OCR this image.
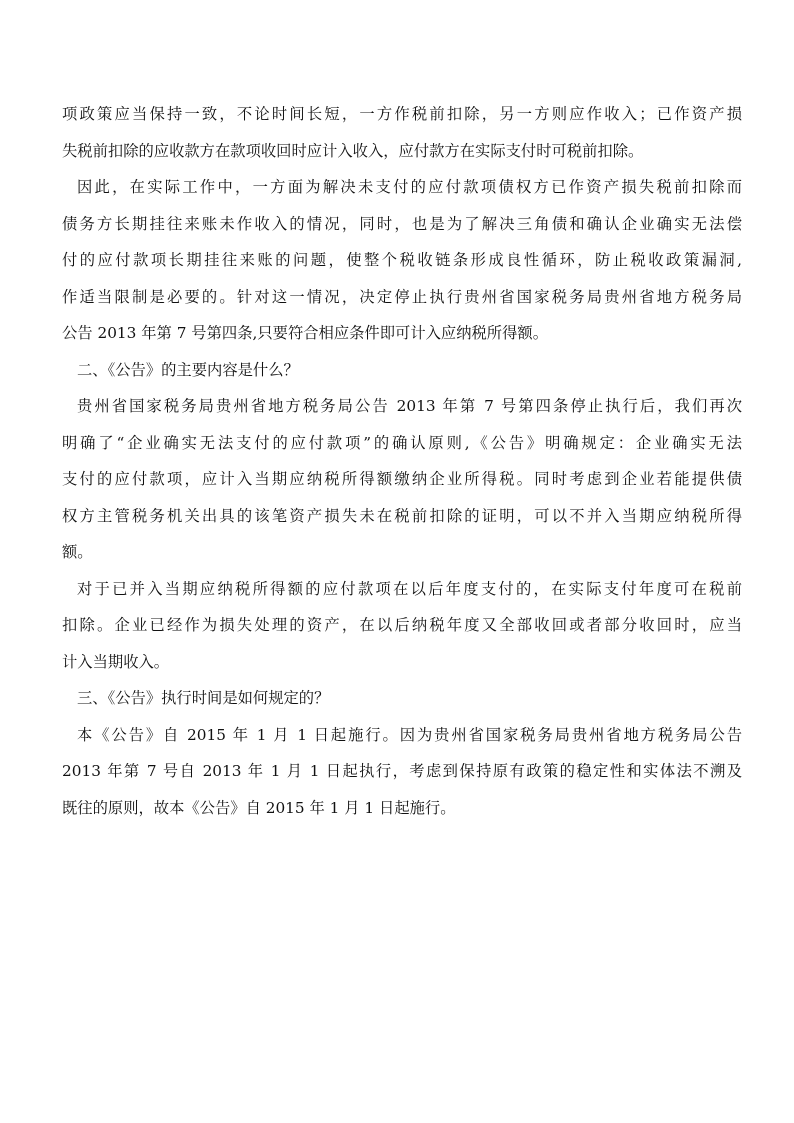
项政策应当保持一致，不论时间长短，一方作税前扣除，另一方则应作收入；已作资产损
失税前扣除的应收款方在款项收回时应计入收入，应付款方在实际支付时可税前扣除。
因此，在实际工作中，一方面为解决未支付的应付款项债权方已作资产损失税前扣除而
债务方长期挂往来账未作收入的情况，同时，也是为了解决三角债和确认企业确实无法偿
付的应付款项长期挂往来账的问题，使整个税收链条形成良性循环，防止税收政策漏洞,
作适当限制是必要的。针对这一情况，决定停止执行贵州省国家税务局贵州省地方税务局
公告 2013 年第 7 号第四条,只要符合相应条件即可计入应纳税所得额。
二、《公告》的主要内容是什么？
贵州省国家税务局贵州省地方税务局公告 2013 年第 7 号第四条停止执行后，我们再次
明确了“企业确实无法支付的应付款项”的确认原则,《公告》明确规定：企业确实无法
支付的应付款项，应计入当期应纳税所得额缴纳企业所得税。同时考虑到企业若能提供债
权方主管税务机关出具的该笔资产损失未在税前扣除的证明，可以不并入当期应纳税所得
额。
对于已并入当期应纳税所得额的应付款项在以后年度支付的，在实际支付年度可在税前
扣除。企业已经作为损失处理的资产，在以后纳税年度又全部收回或者部分收回时，应当
计入当期收入。
三、《公告》执行时间是如何规定的？
本《公告》自 2015 年 1 月 1 日起施行。因为贵州省国家税务局贵州省地方税务局公告
2013 年第 7 号自 2013 年 1 月 1 日起执行，考虑到保持原有政策的稳定性和实体法不溯及
既往的原则，故本《公告》自 2015 年 1 月 1 日起施行。
